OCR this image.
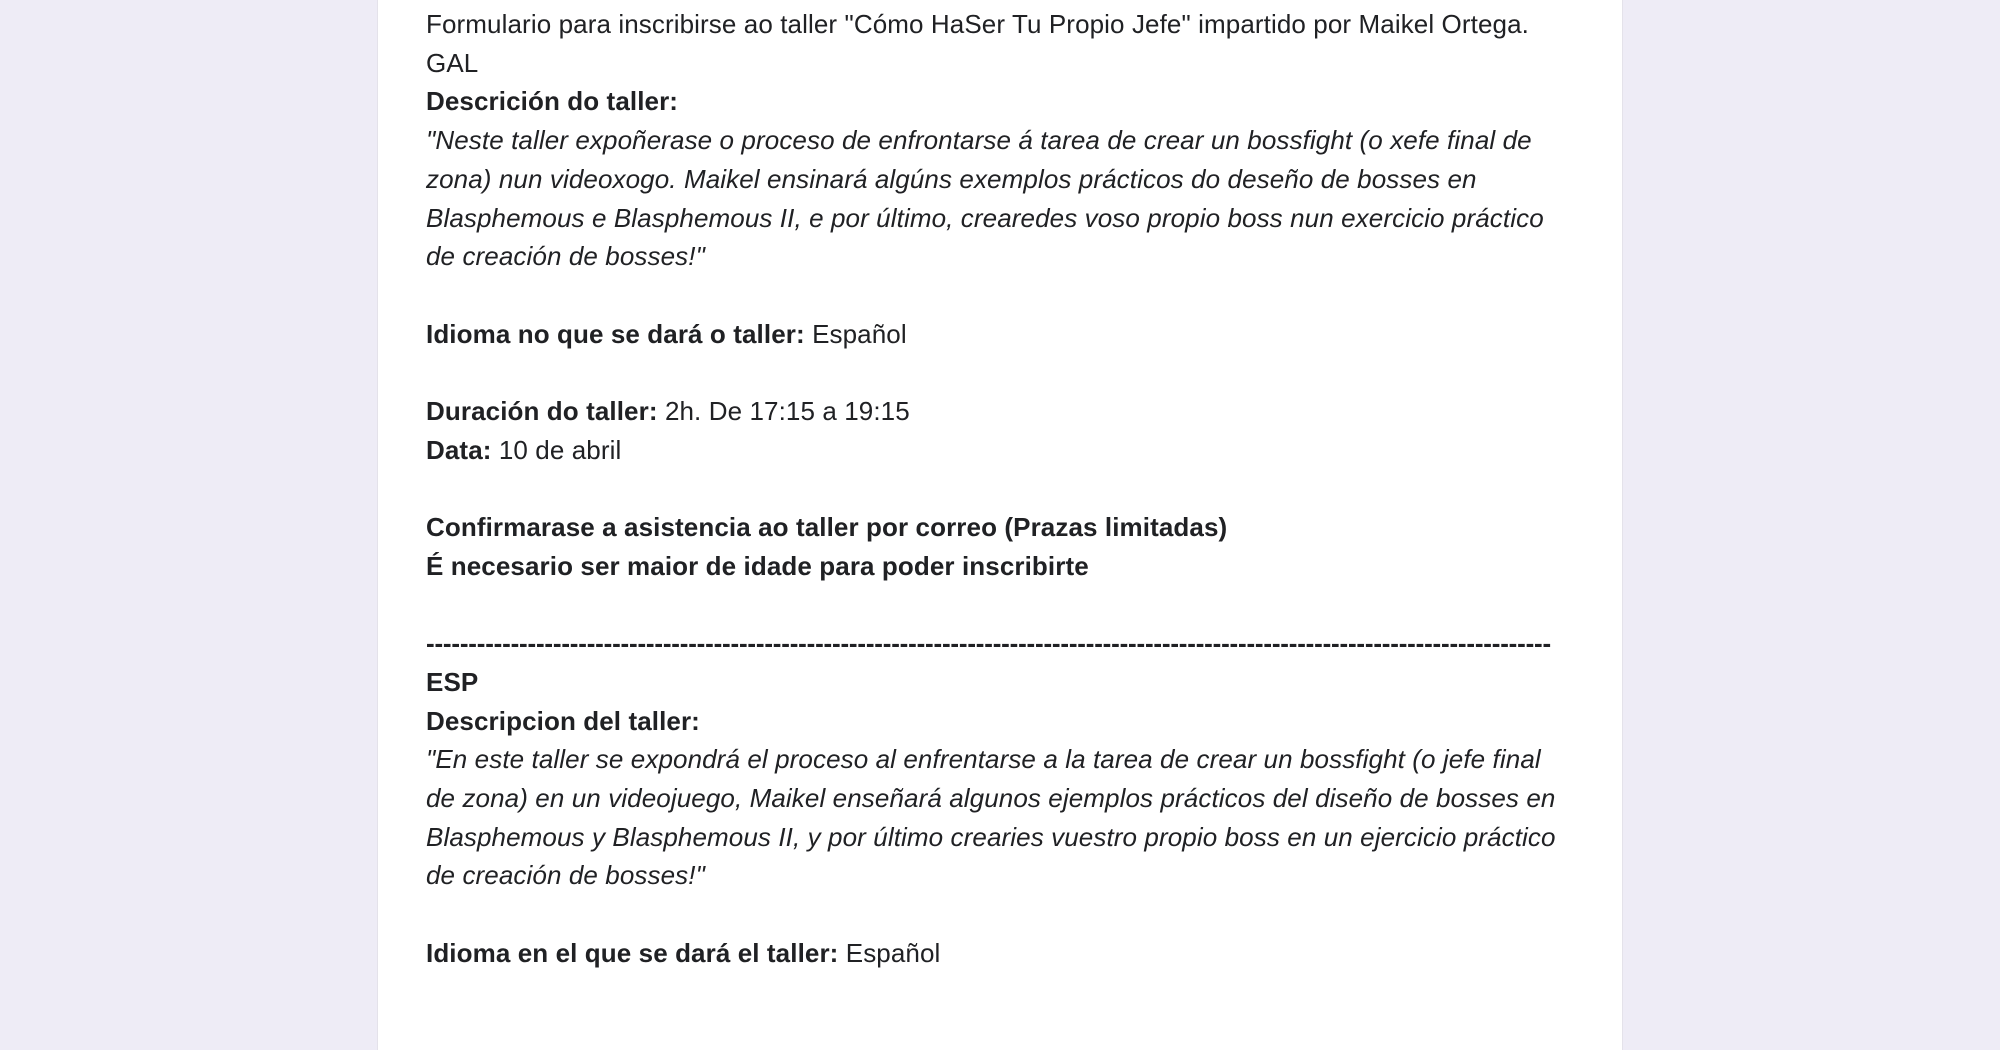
Formulario para inscribirse ao taller "Cómo HaSer Tu Propio Jefe" impartido por Maikel Ortega.

GAL

Descrición do taller:

"Neste taller expoñerase o proceso de enfrontarse á tarea de crear un bossfight (o xefe final de zona) nun videoxogo. Maikel ensinará algúns exemplos prácticos do deseño de bosses en Blasphemous e Blasphemous II, e por último, crearedes voso propio boss nun exercicio práctico de creación de bosses!"

Idioma no que se dará o taller: Español

Duración do taller: 2h. De 17:15 a 19:15

Data: 10 de abril

Confirmarase a asistencia ao taller por correo (Prazas limitadas)

É necesario ser maior de idade para poder inscribirte

-------------------------------------------------------------------------------------------------------------------------------------

ESP

Descripcion del taller:

"En este taller se expondrá el proceso al enfrentarse a la tarea de crear un bossfight (o jefe final de zona) en un videojuego, Maikel enseñará algunos ejemplos prácticos del diseño de bosses en Blasphemous y Blasphemous II, y por último crearies vuestro propio boss en un ejercicio práctico de creación de bosses!"

Idioma en el que se dará el taller: Español
